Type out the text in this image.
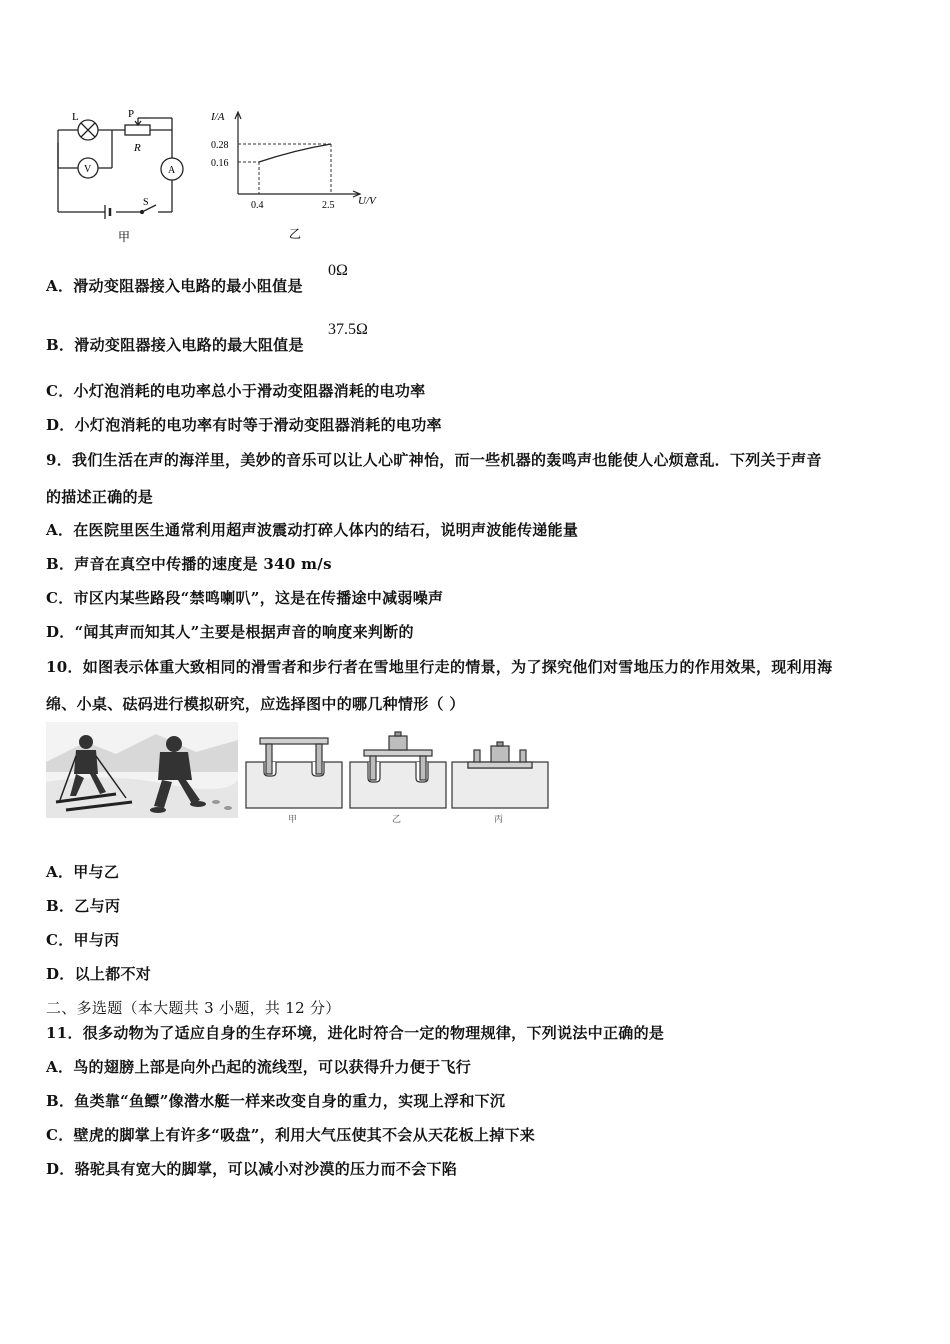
L	P
R
V	A
S
甲
I/A
0.28
0.16
0.4	2.5 U/V
乙
A．滑动变阻器接入电路的最小阻值是
0Ω
B．滑动变阻器接入电路的最大阻值是
37.5Ω
C．小灯泡消耗的电功率总小于滑动变阻器消耗的电功率
D．小灯泡消耗的电功率有时等于滑动变阻器消耗的电功率
9．我们生活在声的海洋里，美妙的音乐可以让人心旷神怡，而一些机器的轰鸣声也能使人心烦意乱．下列关于声音
的描述正确的是
A．在医院里医生通常利用超声波震动打碎人体内的结石，说明声波能传递能量
B．声音在真空中传播的速度是 340 m/s
C．市区内某些路段“禁鸣喇叭”，这是在传播途中减弱噪声
D．“闻其声而知其人”主要是根据声音的响度来判断的
10．如图表示体重大致相同的滑雪者和步行者在雪地里行走的情景，为了探究他们对雪地压力的作用效果，现利用海
绵、小桌、砝码进行模拟研究，应选择图中的哪几种情形（ ）
甲	乙	丙
A．甲与乙
B．乙与丙
C．甲与丙
D．以上都不对
二、多选题（本大题共 3 小题，共 12 分）
11．很多动物为了适应自身的生存环境，进化时符合一定的物理规律，下列说法中正确的是
A．鸟的翅膀上部是向外凸起的流线型，可以获得升力便于飞行
B．鱼类靠“鱼鳔”像潜水艇一样来改变自身的重力，实现上浮和下沉
C．壁虎的脚掌上有许多“吸盘”，利用大气压使其不会从天花板上掉下来
D．骆驼具有宽大的脚掌，可以减小对沙漠的压力而不会下陷
